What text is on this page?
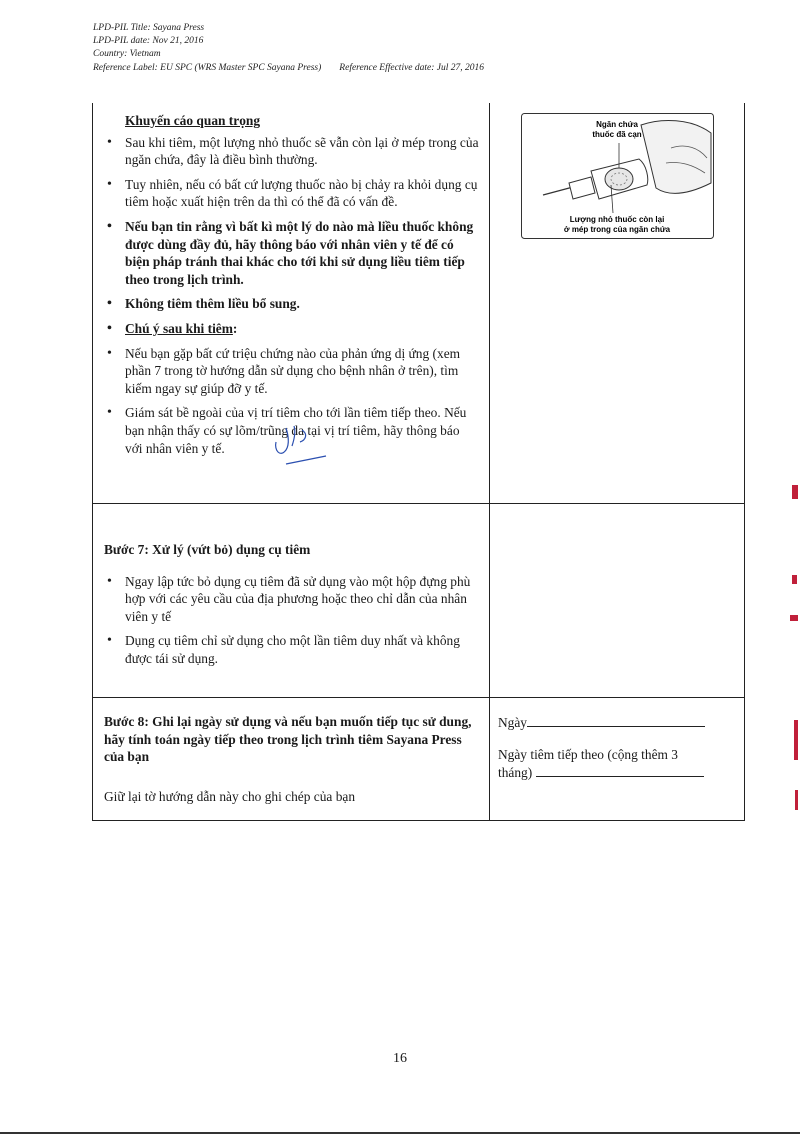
LPD-PIL Title: Sayana Press
LPD-PIL date: Nov 21, 2016
Country: Vietnam
Reference Label: EU SPC (WRS Master SPC Sayana Press) Reference Effective date: Jul 27, 2016
Khuyến cáo quan trọng
• Sau khi tiêm, một lượng nhỏ thuốc sẽ vẫn còn lại ở mép trong của ngăn chứa, đây là điều bình thường.
• Tuy nhiên, nếu có bất cứ lượng thuốc nào bị chảy ra khỏi dụng cụ tiêm hoặc xuất hiện trên da thì có thể đã có vấn đề.
• Nếu bạn tin rằng vì bất kì một lý do nào mà liều thuốc không được dùng đầy đủ, hãy thông báo với nhân viên y tế để có biện pháp tránh thai khác cho tới khi sử dụng liều tiêm tiếp theo trong lịch trình.
• Không tiêm thêm liều bổ sung.
• Chú ý sau khi tiêm:
• Nếu bạn gặp bất cứ triệu chứng nào của phản ứng dị ứng (xem phần 7 trong tờ hướng dẫn sử dụng cho bệnh nhân ở trên), tìm kiếm ngay sự giúp đỡ y tế.
• Giám sát bề ngoài của vị trí tiêm cho tới lần tiêm tiếp theo. Nếu bạn nhận thấy có sự lõm/trũng da tại vị trí tiêm, hãy thông báo với nhân viên y tế.
Ngăn chứa
thuốc đã cạn
Lượng nhỏ thuốc còn lại
ở mép trong của ngăn chứa
Bước 7: Xử lý (vứt bỏ) dụng cụ tiêm
• Ngay lập tức bỏ dụng cụ tiêm đã sử dụng vào một hộp đựng phù hợp với các yêu cầu của địa phương hoặc theo chỉ dẫn của nhân viên y tế
• Dụng cụ tiêm chỉ sử dụng cho một lần tiêm duy nhất và không được tái sử dụng.
Bước 8: Ghi lại ngày sử dụng và nếu bạn muốn tiếp tục sử dung, hãy tính toán ngày tiếp theo trong lịch trình tiêm Sayana Press của bạn
Giữ lại tờ hướng dẫn này cho ghi chép của bạn
Ngày
Ngày tiêm tiếp theo (cộng thêm 3
tháng)
16
